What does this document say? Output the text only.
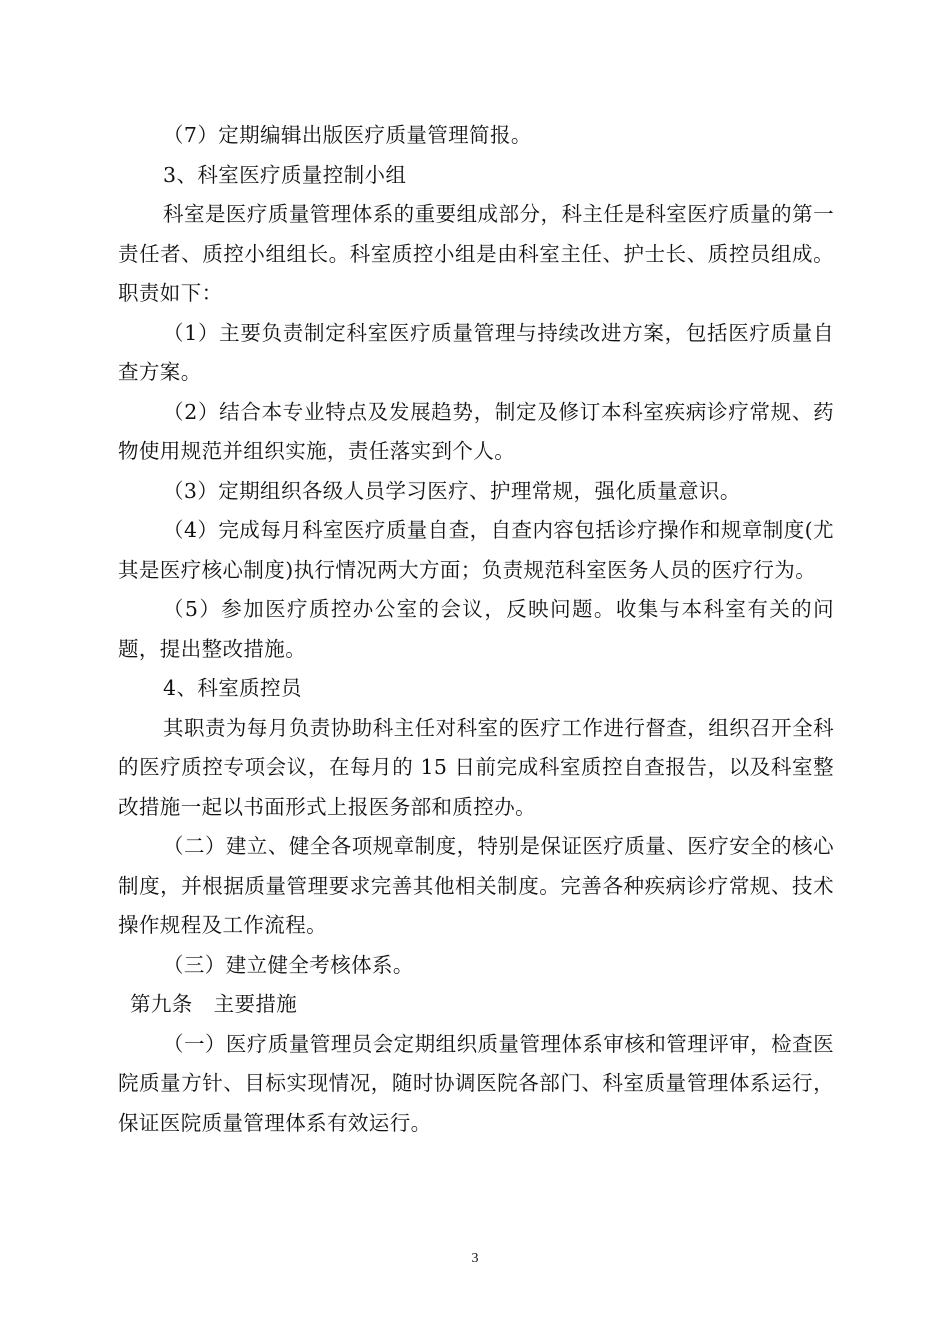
（7）定期编辑出版医疗质量管理简报。

3、科室医疗质量控制小组

科室是医疗质量管理体系的重要组成部分，科主任是科室医疗质量的第一责任者、质控小组组长。科室质控小组是由科室主任、护士长、质控员组成。职责如下：

（1）主要负责制定科室医疗质量管理与持续改进方案，包括医疗质量自查方案。

（2）结合本专业特点及发展趋势，制定及修订本科室疾病诊疗常规、药物使用规范并组织实施，责任落实到个人。

（3）定期组织各级人员学习医疗、护理常规，强化质量意识。

（4）完成每月科室医疗质量自查，自查内容包括诊疗操作和规章制度(尤其是医疗核心制度)执行情况两大方面；负责规范科室医务人员的医疗行为。

（5）参加医疗质控办公室的会议，反映问题。收集与本科室有关的问题，提出整改措施。

4、科室质控员

其职责为每月负责协助科主任对科室的医疗工作进行督查，组织召开全科的医疗质控专项会议，在每月的 15 日前完成科室质控自查报告，以及科室整改措施一起以书面形式上报医务部和质控办。

（二）建立、健全各项规章制度，特别是保证医疗质量、医疗安全的核心制度，并根据质量管理要求完善其他相关制度。完善各种疾病诊疗常规、技术操作规程及工作流程。

（三）建立健全考核体系。

第九条　主要措施

（一）医疗质量管理员会定期组织质量管理体系审核和管理评审，检查医院质量方针、目标实现情况，随时协调医院各部门、科室质量管理体系运行，保证医院质量管理体系有效运行。

3
